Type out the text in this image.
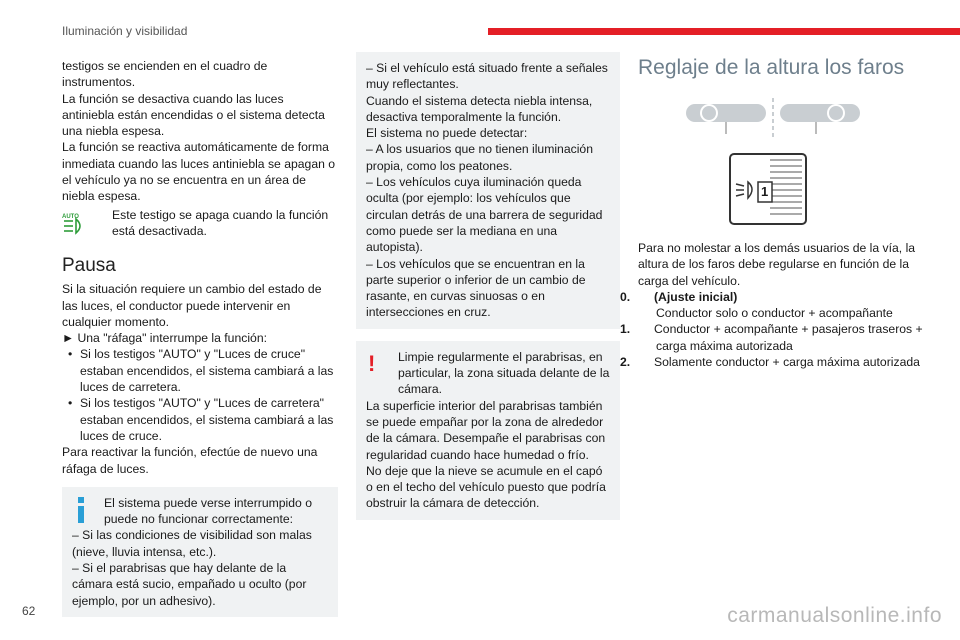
Iluminación y visibilidad

testigos se encienden en el cuadro de instrumentos.

La función se desactiva cuando las luces antiniebla están encendidas o el sistema detecta una niebla espesa.

La función se reactiva automáticamente de forma inmediata cuando las luces antiniebla se apagan o el vehículo ya no se encuentra en un área de niebla espesa.

AUTO	Este testigo se apaga cuando la función está desactivada.
Pausa

Si la situación requiere un cambio del estado de las luces, el conductor puede intervenir en cualquier momento.

► Una "ráfaga" interrumpe la función:

• Si los testigos "AUTO" y "Luces de cruce" estaban encendidos, el sistema cambiará a las luces de carretera.

• Si los testigos "AUTO" y "Luces de carretera" estaban encendidos, el sistema cambiará a las luces de cruce.

Para reactivar la función, efectúe de nuevo una ráfaga de luces.

El sistema puede verse interrumpido o puede no funcionar correctamente:

– Si las condiciones de visibilidad son malas (nieve, lluvia intensa, etc.).

– Si el parabrisas que hay delante de la cámara está sucio, empañado u oculto (por ejemplo, por un adhesivo).

– Si el vehículo está situado frente a señales muy reflectantes.

Cuando el sistema detecta niebla intensa, desactiva temporalmente la función.

El sistema no puede detectar:

– A los usuarios que no tienen iluminación propia, como los peatones.

– Los vehículos cuya iluminación queda oculta (por ejemplo: los vehículos que circulan detrás de una barrera de seguridad como puede ser la mediana en una autopista).

– Los vehículos que se encuentran en la parte superior o inferior de un cambio de rasante, en curvas sinuosas o en intersecciones en cruz.

!	Limpie regularmente el parabrisas, en particular, la zona situada delante de la cámara.

La superficie interior del parabrisas también se puede empañar por la zona de alrededor de la cámara. Desempañe el parabrisas con regularidad cuando hace humedad o frío.

No deje que la nieve se acumule en el capó o en el techo del vehículo puesto que podría obstruir la cámara de detección.

Reglaje de la altura los faros
1

Para no molestar a los demás usuarios de la vía, la altura de los faros debe regularse en función de la carga del vehículo.

0. (Ajuste inicial)
Conductor solo o conductor + acompañante
1. Conductor + acompañante + pasajeros traseros + carga máxima autorizada
2. Solamente conductor + carga máxima autorizada
62	carmanualsonline.info
